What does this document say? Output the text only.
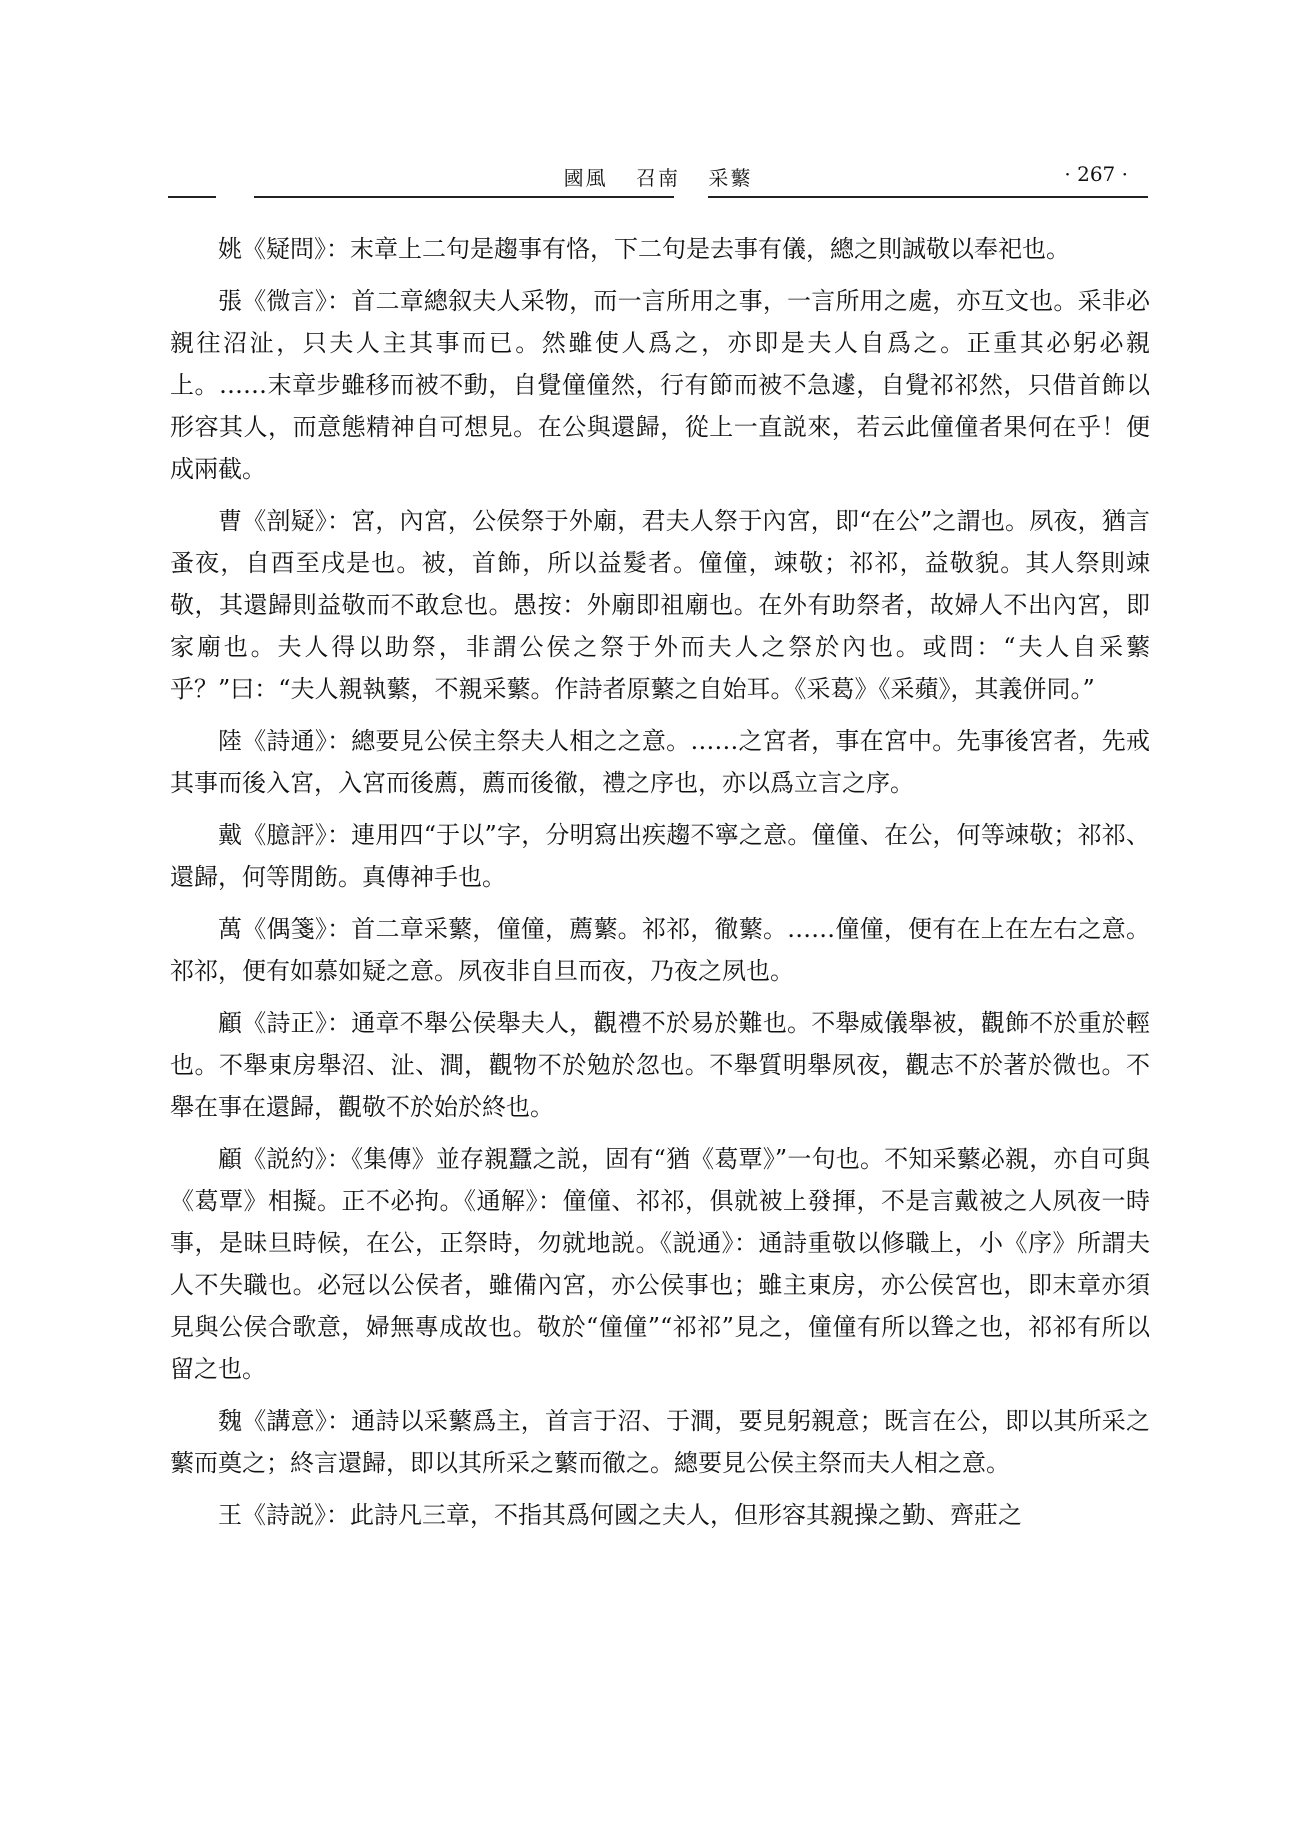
國風 召南 采蘩	· 267 ·

姚《疑問》：末章上二句是趨事有恪，下二句是去事有儀，總之則誠敬以奉祀也。

張《微言》：首二章總叙夫人采物，而一言所用之事，一言所用之處，亦互文也。采非必親往沼沚，只夫人主其事而已。然雖使人爲之，亦即是夫人自爲之。正重其必躬必親上。……末章步雖移而被不動，自覺僮僮然，行有節而被不急遽，自覺祁祁然，只借首飾以形容其人，而意態精神自可想見。在公與還歸，從上一直説來，若云此僮僮者果何在乎！便成兩截。

曹《剖疑》：宮，內宮，公侯祭于外廟，君夫人祭于內宮，即“在公”之謂也。夙夜，猶言蚤夜，自酉至戌是也。被，首飾，所以益髮者。僮僮，竦敬；祁祁，益敬貌。其人祭則竦敬，其還歸則益敬而不敢怠也。愚按：外廟即祖廟也。在外有助祭者，故婦人不出內宮，即家廟也。夫人得以助祭，非謂公侯之祭于外而夫人之祭於內也。或問：“夫人自采蘩乎？”曰：“夫人親執蘩，不親采蘩。作詩者原蘩之自始耳。《采葛》《采蘋》，其義併同。”

陸《詩通》：總要見公侯主祭夫人相之之意。……之宮者，事在宮中。先事後宮者，先戒其事而後入宮，入宮而後薦，薦而後徹，禮之序也，亦以爲立言之序。

戴《臆評》：連用四“于以”字，分明寫出疾趨不寧之意。僮僮、在公，何等竦敬；祁祁、還歸，何等閒飭。真傳神手也。

萬《偶箋》：首二章采蘩，僮僮，薦蘩。祁祁，徹蘩。……僮僮，便有在上在左右之意。祁祁，便有如慕如疑之意。夙夜非自旦而夜，乃夜之夙也。

顧《詩正》：通章不舉公侯舉夫人，觀禮不於易於難也。不舉威儀舉被，觀飾不於重於輕也。不舉東房舉沼、沚、澗，觀物不於勉於忽也。不舉質明舉夙夜，觀志不於著於微也。不舉在事在還歸，觀敬不於始於終也。

顧《説約》：《集傳》並存親蠶之説，固有“猶《葛覃》”一句也。不知采蘩必親，亦自可與《葛覃》相擬。正不必拘。《通解》：僮僮、祁祁，俱就被上發揮，不是言戴被之人夙夜一時事，是昧旦時候，在公，正祭時，勿就地説。《説通》：通詩重敬以修職上，小《序》所謂夫人不失職也。必冠以公侯者，雖備內宮，亦公侯事也；雖主東房，亦公侯宮也，即末章亦須見與公侯合歌意，婦無專成故也。敬於“僮僮”“祁祁”見之，僮僮有所以聳之也，祁祁有所以留之也。

魏《講意》：通詩以采蘩爲主，首言于沼、于澗，要見躬親意；既言在公，即以其所采之蘩而奠之；終言還歸，即以其所采之蘩而徹之。總要見公侯主祭而夫人相之意。

王《詩説》：此詩凡三章，不指其爲何國之夫人，但形容其親操之勤、齊莊之
